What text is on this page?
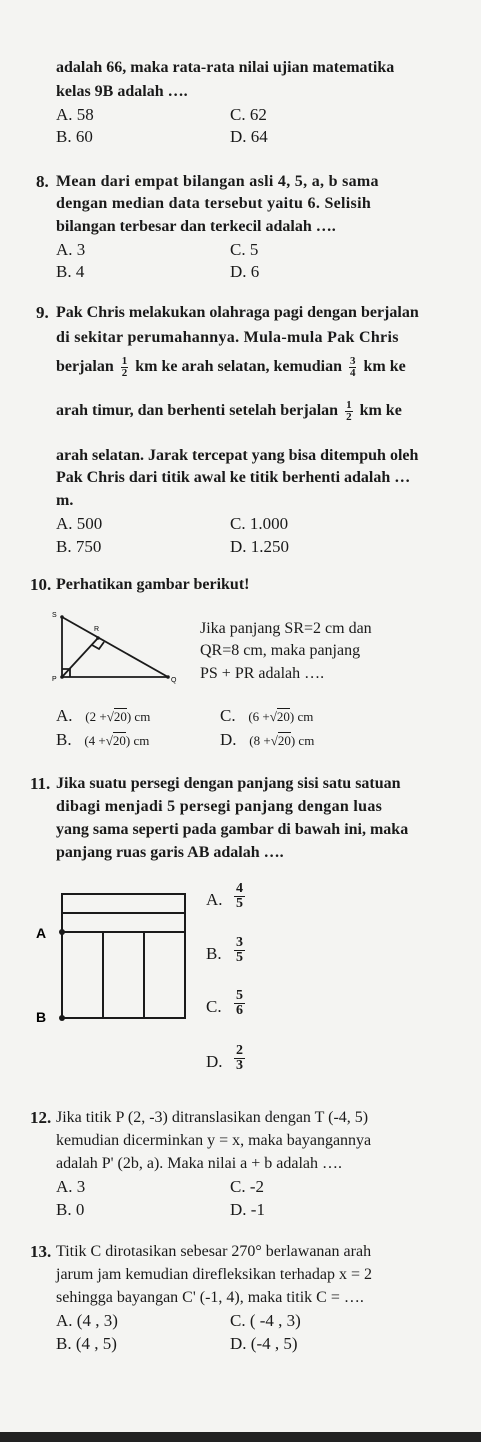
adalah 66, maka rata-rata nilai ujian matematika
kelas 9B adalah ….
A. 58	C. 62
B. 60	D. 64
8. Mean dari empat bilangan asli 4, 5, a, b sama
dengan median data tersebut yaitu 6. Selisih
bilangan terbesar dan terkecil adalah ….
A. 3	C. 5
B. 4	D. 6
9. Pak Chris melakukan olahraga pagi dengan berjalan
di sekitar perumahannya. Mula-mula Pak Chris
berjalan $\frac{1}{2}$ km ke arah selatan, kemudian $\frac{3}{4}$ km ke
arah timur, dan berhenti setelah berjalan $\frac{1}{2}$ km ke
arah selatan. Jarak tercepat yang bisa ditempuh oleh
Pak Chris dari titik awal ke titik berhenti adalah …
m.
A. 500	C. 1.000
B. 750	D. 1.250
10. Perhatikan gambar berikut!
S
R
P	Q
Jika panjang SR=2 cm dan
QR=8 cm, maka panjang
PS + PR adalah ….
A. (2 +√20) cm	C. (6 +√20) cm
B. (4 +√20) cm	D. (8 +√20) cm
11. Jika suatu persegi dengan panjang sisi satu satuan
dibagi menjadi 5 persegi panjang dengan luas
yang sama seperti pada gambar di bawah ini, maka
panjang ruas garis AB adalah ….
A
B
A. $\frac{4}{5}$
B. $\frac{3}{5}$
C. $\frac{5}{6}$
D. $\frac{2}{3}$
12. Jika titik P (2, -3) ditranslasikan dengan T (-4, 5)
kemudian dicerminkan y = x, maka bayangannya
adalah P' (2b, a). Maka nilai a + b adalah ….
A. 3	C. -2
B. 0	D. -1
13. Titik C dirotasikan sebesar 270° berlawanan arah
jarum jam kemudian direfleksikan terhadap x = 2
sehingga bayangan C' (-1, 4), maka titik C = ….
A. (4 , 3)	C. ( -4 , 3)
B. (4 , 5)	D. (-4 , 5)
